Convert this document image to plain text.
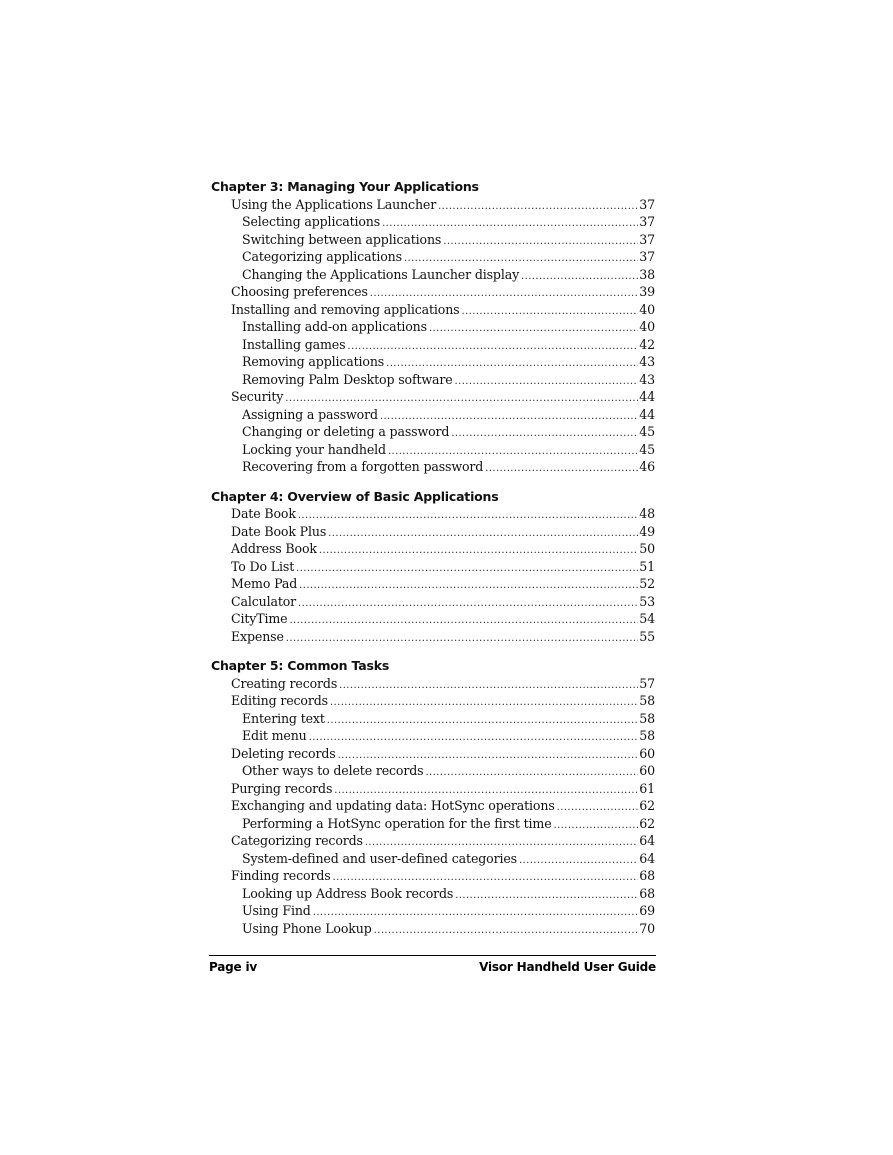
Chapter 3: Managing Your Applications
Using the Applications Launcher .....	37
Selecting applications .....	37
Switching between applications .....	37
Categorizing applications .....	37
Changing the Applications Launcher display .....	38
Choosing preferences .....	39
Installing and removing applications .....	40
Installing add-on applications .....	40
Installing games .....	42
Removing applications .....	43
Removing Palm Desktop software .....	43
Security .....	44
Assigning a password .....	44
Changing or deleting a password .....	45
Locking your handheld .....	45
Recovering from a forgotten password .....	46
Chapter 4: Overview of Basic Applications
Date Book .....	48
Date Book Plus .....	49
Address Book .....	50
To Do List .....	51
Memo Pad .....	52
Calculator .....	53
CityTime .....	54
Expense .....	55
Chapter 5: Common Tasks
Creating records .....	57
Editing records .....	58
Entering text .....	58
Edit menu .....	58
Deleting records .....	60
Other ways to delete records .....	60
Purging records .....	61
Exchanging and updating data: HotSync operations .....	62
Performing a HotSync operation for the first time .....	62
Categorizing records .....	64
System-defined and user-defined categories .....	64
Finding records .....	68
Looking up Address Book records .....	68
Using Find .....	69
Using Phone Lookup .....	70
Page iv	Visor Handheld User Guide
